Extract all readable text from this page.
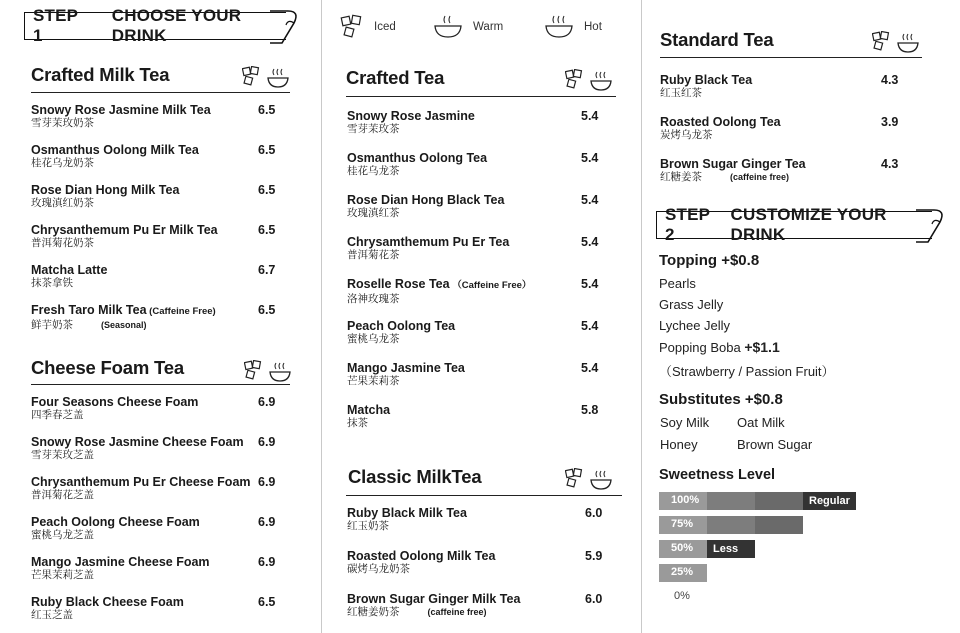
STEP 1
CHOOSE YOUR DRINK
Crafted Milk Tea
Snowy Rose Jasmine Milk Tea
雪芽茉玫奶茶
6.5
Osmanthus Oolong Milk Tea
桂花乌龙奶茶
6.5
Rose Dian Hong Milk Tea
玫瑰滇红奶茶
6.5
Chrysanthemum Pu Er Milk Tea
普洱菊花奶茶
6.5
Matcha Latte
抹茶拿铁
6.7
Fresh Taro Milk Tea (Caffeine Free)
鲜芋奶茶	(Seasonal)
6.5
Cheese Foam Tea
Four Seasons Cheese Foam
四季春芝盖
6.9
Snowy Rose Jasmine Cheese Foam
雪芽茉玫芝盖
6.9
Chrysanthemum Pu Er Cheese Foam
普洱菊花芝盖
6.9
Peach Oolong Cheese Foam
蜜桃乌龙芝盖
6.9
Mango Jasmine Cheese Foam
芒果茉莉芝盖
6.9
Ruby Black Cheese Foam
红玉芝盖
6.5
Iced	Warm	Hot
Crafted Tea
Snowy Rose Jasmine
雪芽茉玫茶
5.4
Osmanthus Oolong Tea
桂花乌龙茶
5.4
Rose Dian Hong Black Tea
玫瑰滇红茶
5.4
Chrysamthemum Pu Er Tea
普洱菊花茶
5.4
Roselle Rose Tea （Caffeine Free）
洛神玫瑰茶
5.4
Peach Oolong Tea
蜜桃乌龙茶
5.4
Mango Jasmine Tea
芒果茉莉茶
5.4
Matcha
抹茶
5.8
Classic MilkTea
Ruby Black Milk Tea
红玉奶茶
6.0
Roasted Oolong Milk Tea
碳烤乌龙奶茶
5.9
Brown Sugar Ginger Milk Tea
红糖姜奶茶	(caffeine free)
6.0
Standard Tea
Ruby Black Tea
红玉红茶
4.3
Roasted Oolong Tea
炭烤乌龙茶
3.9
Brown Sugar Ginger Tea
红糖姜茶	(caffeine free)
4.3
STEP 2
CUSTOMIZE YOUR DRINK
Topping +$0.8
Pearls
Grass Jelly
Lychee Jelly
Popping Boba +$1.1
（Strawberry / Passion Fruit）
Substitutes +$0.8
Soy Milk Oat Milk
Honey	Brown Sugar
Sweetness Level
100%	Regular
75%
50%	Less
25%
0%
